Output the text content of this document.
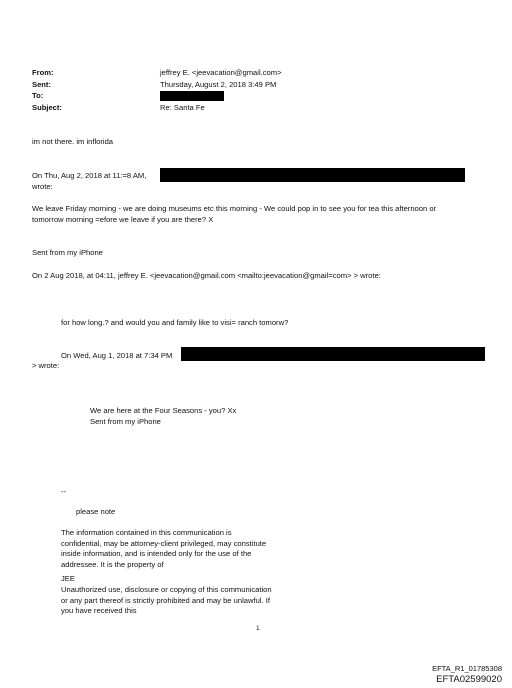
From:
Sent:
To:
Subject:
jeffrey E. <jeevacation@gmail.com>
Thursday, August 2, 2018 3:49 PM
Re: Santa Fe
im not there. im inflorida
On Thu, Aug 2, 2018 at 11:=8 AM,
wrote:
We leave Friday morning - we are doing museums etc this morning - We could pop in to see you for tea this afternoon or
tomorrow morning =efore we leave if you are there? X
Sent from my iPhone
On 2 Aug 2018, at 04:11, jeffrey E. <jeevacation@gmail.com <mailto:jeevacation@gmail=com> > wrote:
for how long.? and would you and family like to visi= ranch tomorw?
On Wed, Aug 1, 2018 at 7:34 PM
> wrote:
We are here at the Four Seasons - you? Xx
Sent from my iPhone
--
please note
The information contained in this communication is confidential, may be attorney-client privileged, may constitute inside information, and is intended only for the use of the addressee. It is the property of
JEE
Unauthorized use, disclosure or copying of this communication or any part thereof is strictly prohibited and may be unlawful. If you have received this
1
EFTA_R1_01785308
EFTA02599020
